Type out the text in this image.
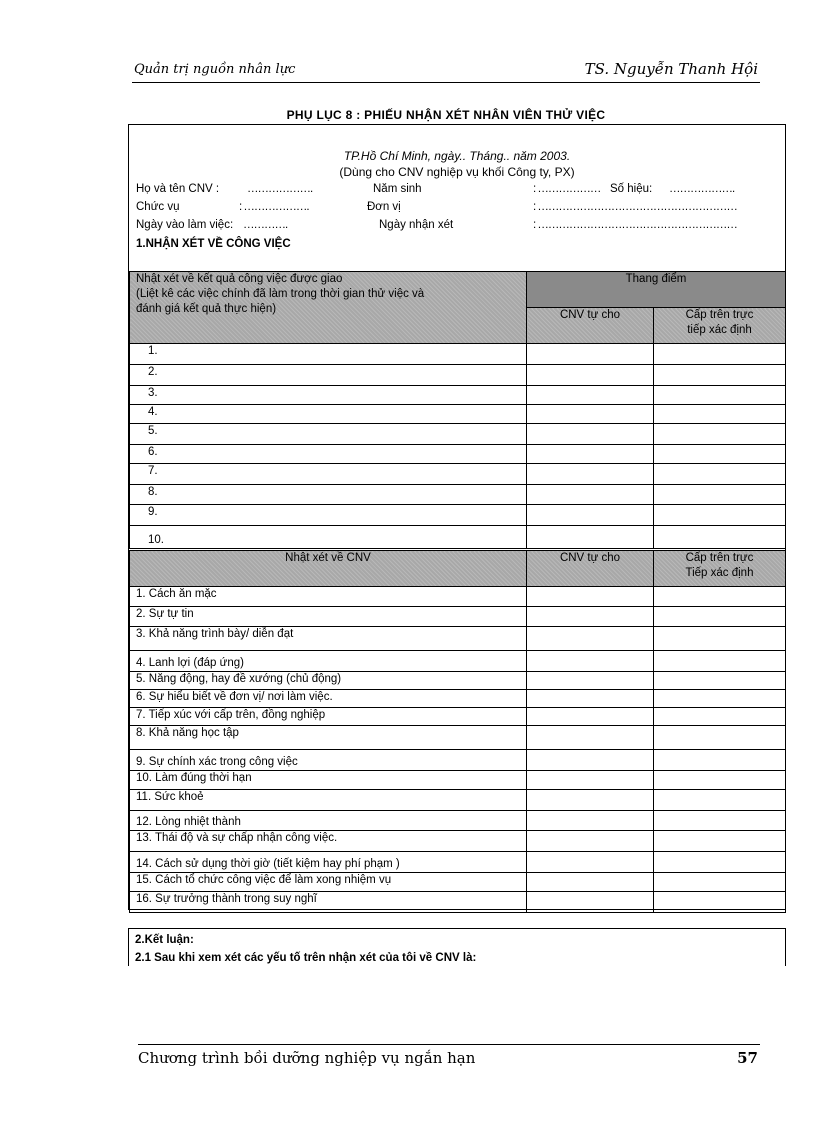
Quản trị nguồn nhân lực	TS. Nguyễn Thanh Hội
PHỤ LỤC 8 : PHIẾU NHẬN XÉT NHÂN VIÊN THỬ VIỆC
TP.Hồ Chí Minh, ngày.. Tháng.. năm 2003.
(Dùng cho CNV nghiệp vụ khối Công ty, PX)
Họ và tên CNV : ……………….	Năm sinh	: ……………… Số hiệu: ……………….
Chức vụ	: ……………….	Đơn vị	: …………………………………………………
Ngày vào làm việc: ………….	Ngày nhận xét	: …………………………………………………
1.NHẬN XÉT VỀ CÔNG VIỆC
Nhật xét về kết quả công việc được giao
(Liệt kê các việc chính đã làm trong thời gian thử việc và
đánh giá kết quả thực hiện)	Thang điểm	
	CNV tự cho	Cấp trên trực
tiếp xác định

1.		
2.		
3.		
4.		
5.		
6.		
7.		
8.		
9.		
10.		
Nhật xét về CNV	CNV tự cho	Cấp trên trực
Tiếp xác định

1. Cách ăn mặc		
2. Sự tự tin		
3. Khả năng trình bày/ diễn đạt		
4. Lanh lợi (đáp ứng)		
5. Năng động, hay đề xướng (chủ động)		
6. Sự hiểu biết về đơn vị/ nơi làm việc.		
7. Tiếp xúc với cấp trên, đồng nghiệp		
8. Khả năng học tập		
9. Sự chính xác trong công việc		
10. Làm đúng thời hạn		
11. Sức khoẻ		
12. Lòng nhiệt thành		
13. Thái độ và sự chấp nhận công việc.		
14. Cách sử dụng thời giờ (tiết kiệm hay phí phạm )		
15. Cách tổ chức công việc để làm xong nhiệm vụ		
16. Sự trưởng thành trong suy nghĩ		
2.Kết luận:
2.1 Sau khi xem xét các yếu tố trên nhận xét của tôi về CNV là:
Chương trình bồi dưỡng nghiệp vụ ngắn hạn	57
